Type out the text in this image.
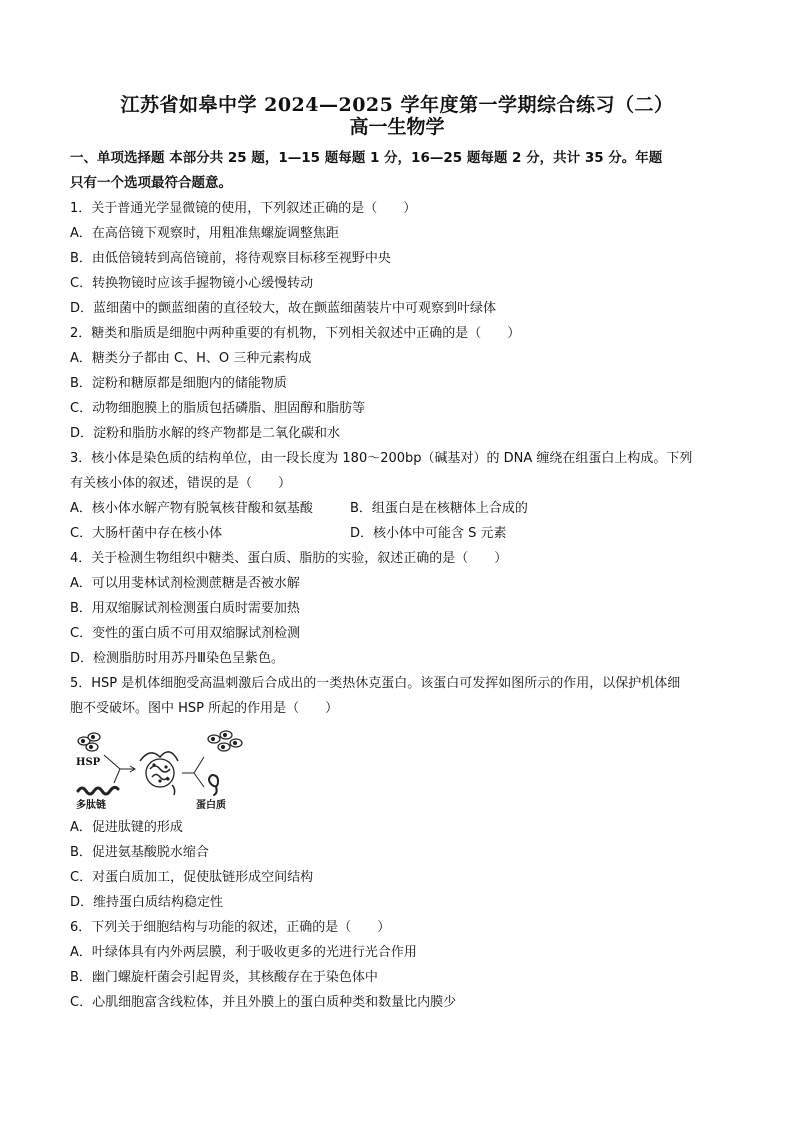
江苏省如皋中学 2024—2025 学年度第一学期综合练习（二）
高一生物学
一、单项选择题 本部分共 25 题，1—15 题每题 1 分，16—25 题每题 2 分，共计 35 分。年题
只有一个选项最符合题意。
1．关于普通光学显微镜的使用，下列叙述正确的是（　　）
A．在高倍镜下观察时，用粗准焦螺旋调整焦距
B．由低倍镜转到高倍镜前，将待观察目标移至视野中央
C．转换物镜时应该手握物镜小心缓慢转动
D．蓝细菌中的颤蓝细菌的直径较大，故在颤蓝细菌装片中可观察到叶绿体
2．糖类和脂质是细胞中两种重要的有机物，下列相关叙述中正确的是（　　）
A．糖类分子都由 C、H、O 三种元素构成
B．淀粉和糖原都是细胞内的储能物质
C．动物细胞膜上的脂质包括磷脂、胆固醇和脂肪等
D．淀粉和脂肪水解的终产物都是二氧化碳和水
3．核小体是染色质的结构单位，由一段长度为 180～200bp（碱基对）的 DNA 缠绕在组蛋白上构成。下列
有关核小体的叙述，错误的是（　　）
A．核小体水解产物有脱氧核苷酸和氨基酸	B．组蛋白是在核糖体上合成的
C．大肠杆菌中存在核小体	D．核小体中可能含 S 元素
4．关于检测生物组织中糖类、蛋白质、脂肪的实验，叙述正确的是（　　）
A．可以用斐林试剂检测蔗糖是否被水解
B．用双缩脲试剂检测蛋白质时需要加热
C．变性的蛋白质不可用双缩脲试剂检测
D．检测脂肪时用苏丹Ⅲ染色呈紫色。
5．HSP 是机体细胞受高温刺激后合成出的一类热休克蛋白。该蛋白可发挥如图所示的作用，以保护机体细
胞不受破坏。图中 HSP 所起的作用是（　　）
HSP
多肽链	蛋白质
A．促进肽键的形成
B．促进氨基酸脱水缩合
C．对蛋白质加工，促使肽链形成空间结构
D．维持蛋白质结构稳定性
6．下列关于细胞结构与功能的叙述，正确的是（　　）
A．叶绿体具有内外两层膜，利于吸收更多的光进行光合作用
B．幽门螺旋杆菌会引起胃炎，其核酸存在于染色体中
C．心肌细胞富含线粒体，并且外膜上的蛋白质种类和数量比内膜少
